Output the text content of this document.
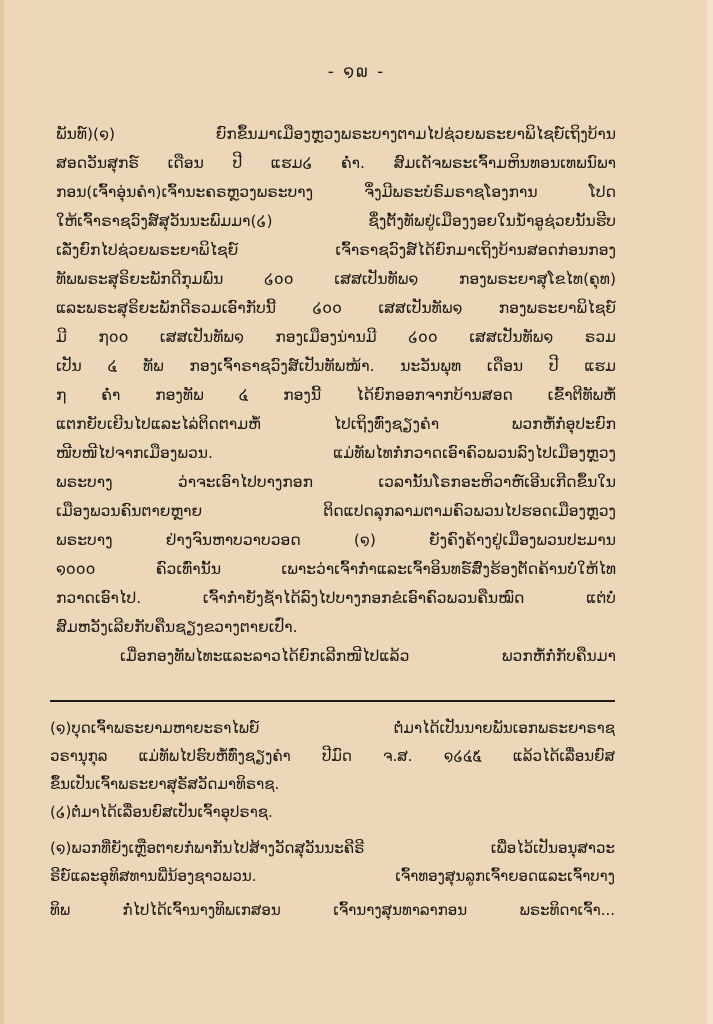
- ໑໙ -
ພັນທ໌)(໑) ຍົກຂຶ້ນມາເມືອງຫຼວງພຣະບາງຕາມໄປຊ່ວຍພຣະຍາພິໄຊຍ໌ເຖິງບ້ານ
ສອດວັນສຸກຣ໌ ເດືອນ ປີ ແຮມ໒ ຄ່ຳ. ສົມເດັຈພຣະເຈົ້າມຫິນທອນເທພນົພາ
ກອນ(ເຈົ້າອຸ່ນຄຳ)ເຈົ້ານະຄຣຫຼວງພຣະບາງ ຈຶ່ງມີພຣະບໍຣົມຣາຊໂອງການ ໂປດ
ໃຫ້ເຈົ້າຣາຊວົງສ໌ສຸວັນນະພົມມາ(໒) ຊຶ່ງຕັ້ງທັພຢູ່ເມືອງງອຍໃນນ້ຳອູຊ່ວຍນັ້ນຮີບ
ເລັ່ງຍົກໄປຊ່ວຍພຣະຍາພິໄຊຍ໌ ເຈົ້າຣາຊວົງສ໌ໄດ້ຍົກມາເຖິງບ້ານສອດກ່ອນກອງ
ທັພພຣະສຸຣິຍະພັກດີກຸມພົນ ໒໐໐ ເສສເປັນທັພ໑ ກອງພຣະຍາສຸໂຂໄທ(ຄຸທ)
ແລະພຣະສຸຣິຍະພັກດີຣວມເອົາກັບນີ້ ໒໐໐ ເສສເປັນທັພ໑ ກອງພຣະຍາພິໄຊຍ໌
ມີ ໗໐໐ ເສສເປັນທັພ໑ ກອງເມືອງນ່ານມີ ໒໐໐ ເສສເປັນທັພ໑ ຣວມ
ເປັນ ໔ ທັພ ກອງເຈົ້າຣາຊວົງສ໌ເປັນທັພໜ້າ. ນະວັນພຸທ ເດືອນ ປີ ແຮມ
໗ ຄ່ຳ ກອງທັພ ໔ ກອງນີ້ ໄດ້ຍົກອອກຈາກບ້ານສອດ ເຂົ້າຕີທັພຫໍ້
ແຕກຍັບເຍີນໄປແລະໄລ່ຕິດຕາມຫໍ້ ໄປເຖິງທົ່ງຊຽງຄຳ ພວກຫໍ້ກໍ່ອຸປະຍົກ
ໜີບໜີໄປຈາກເມືອງພວນ. ແມ່ທັພໄທກໍ່ກວາດເອົາຄົວພວນລົງໄປເມືອງຫຼວງ
ພຣະບາງ ວ່າຈະເອົາໄປບາງກອກ ເວລານັ້ນໂຣກອະຫິວາຫ໌ເອີນເກີດຂຶ້ນໃນ
ເມືອງພວນຄົນຕາຍຫຼາຍ ຕິດແປດລຸກລາມຕາມຄົວພວນໄປຮອດເມືອງຫຼວງ
ພຣະບາງ ຢ່າງຈົນຫາບວາບວອດ (໑) ຍັງຄົງຄ້າງຢູ່ເມືອງພວນປະມານ
໑໐໐໐ ຄົວເທົ່ານັ້ນ ເພາະວ່າເຈົ້າກ່ຳແລະເຈົ້າອິນທຣ໌ສົ່ງຮ້ອງຕັດຄ້ານບໍ່ໃຫ້ໄທ
ກວາດເອົາໄປ. ເຈົ້າກ່ຳຍັງຊ້ຳໄດ້ລົງໄປບາງກອກຂໍເອົາຄົວພວນຄືນໝົດ ແຕ່ບໍ່
ສົມຫວັງເລີຍກັບຄືນຊຽງຂວາງຕາຍເປົ່າ.
ເມື່ອກອງທັພໄທະແລະລາວໄດ້ຍົກເລີກໜີໄປແລ້ວ ພວກຫໍ້ກໍ່ກັບຄືນມາ
(໑)ບຸດເຈົ້າພຣະຍາມຫາຍະຣາໄພຍ໌ ຕໍ່ມາໄດ້ເປັນນາຍພັນເອກພຣະຍາຣາຊ
ວຣານຸກຸລ ແມ່ທັພໄປຮົບຫໍ້ທົ່ງຊຽງຄຳ ປີມົດ ຈ.ສ. ໑໒໔໕ ແລ້ວໄດ້ເລື່ອນຍົສ
ຂຶ້ນເປັນເຈົ້າພຣະຍາສຸຣັສວັດມາທິຣາຊ.
(໒)ຕໍ່ມາໄດ້ເລື່ອນຍົສເປັນເຈົ້າອຸປຣາຊ.
(໑)ພວກທີ່ຍັງເຫຼືອຕາຍກໍ່ພາກັນໄປສ້າງວັດສຸວັນນະຄີຣີ ເພື່ອໄວ້ເປັນອນຸສາວະ
ຣີຍ໌ແລະອຸທິສທານພີ່ນ້ອງຊາວພວນ. ເຈົ້າທອງສຸນລູກເຈົ້າຍອດແລະເຈົ້າບາງ
ທິພ ກໍ່ໄປໄດ້ເຈົ້ານາງທິພເກສອນ ເຈົ້ານາງສຸນທາລາກອນ ພຣະທິດາເຈົ້າ...
